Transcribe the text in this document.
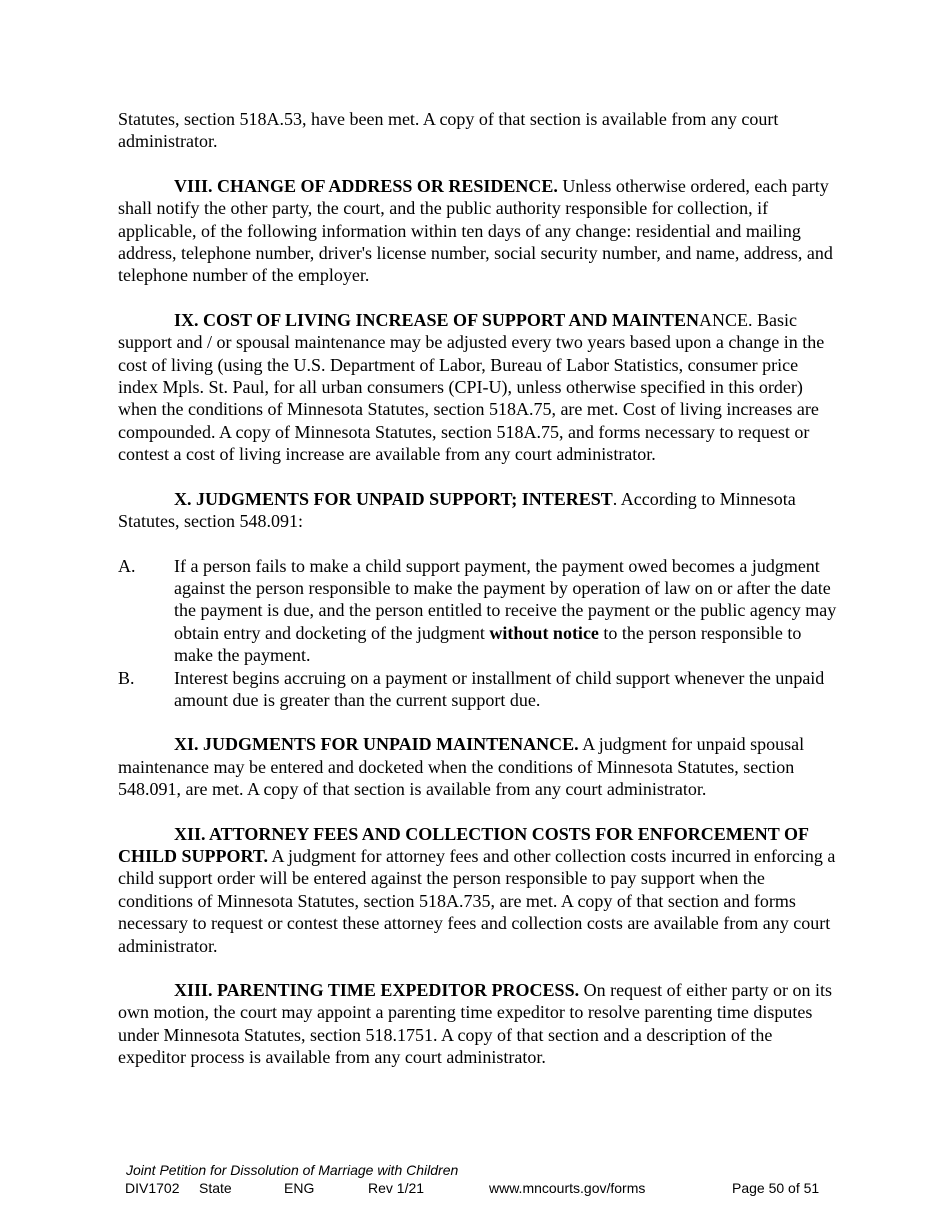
Statutes, section 518A.53, have been met. A copy of that section is available from any court administrator.

VIII. CHANGE OF ADDRESS OR RESIDENCE. Unless otherwise ordered, each party shall notify the other party, the court, and the public authority responsible for collection, if applicable, of the following information within ten days of any change: residential and mailing address, telephone number, driver's license number, social security number, and name, address, and telephone number of the employer.

IX. COST OF LIVING INCREASE OF SUPPORT AND MAINTENANCE. Basic support and / or spousal maintenance may be adjusted every two years based upon a change in the cost of living (using the U.S. Department of Labor, Bureau of Labor Statistics, consumer price index Mpls. St. Paul, for all urban consumers (CPI-U), unless otherwise specified in this order) when the conditions of Minnesota Statutes, section 518A.75, are met. Cost of living increases are compounded. A copy of Minnesota Statutes, section 518A.75, and forms necessary to request or contest a cost of living increase are available from any court administrator.

X. JUDGMENTS FOR UNPAID SUPPORT; INTEREST. According to Minnesota Statutes, section 548.091:

A.	If a person fails to make a child support payment, the payment owed becomes a judgment against the person responsible to make the payment by operation of law on or after the date the payment is due, and the person entitled to receive the payment or the public agency may obtain entry and docketing of the judgment without notice to the person responsible to make the payment.
B.	Interest begins accruing on a payment or installment of child support whenever the unpaid amount due is greater than the current support due.

XI. JUDGMENTS FOR UNPAID MAINTENANCE. A judgment for unpaid spousal maintenance may be entered and docketed when the conditions of Minnesota Statutes, section 548.091, are met. A copy of that section is available from any court administrator.

XII. ATTORNEY FEES AND COLLECTION COSTS FOR ENFORCEMENT OF CHILD SUPPORT. A judgment for attorney fees and other collection costs incurred in enforcing a child support order will be entered against the person responsible to pay support when the conditions of Minnesota Statutes, section 518A.735, are met. A copy of that section and forms necessary to request or contest these attorney fees and collection costs are available from any court administrator.

XIII. PARENTING TIME EXPEDITOR PROCESS. On request of either party or on its own motion, the court may appoint a parenting time expeditor to resolve parenting time disputes under Minnesota Statutes, section 518.1751. A copy of that section and a description of the expeditor process is available from any court administrator.

Joint Petition for Dissolution of Marriage with Children
DIV1702 State	ENG	Rev 1/21	www.mncourts.gov/forms	Page 50 of 51
